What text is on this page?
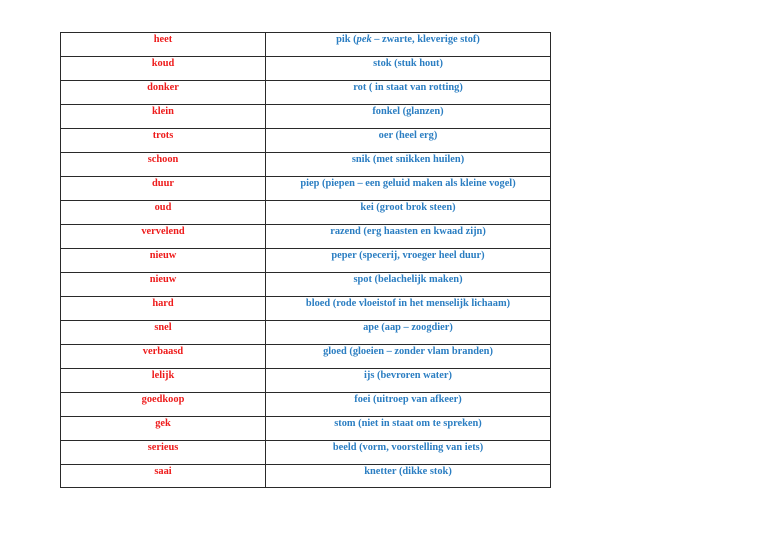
heet	pik (pek – zwarte, kleverige stof)
koud	stok (stuk hout)
donker	rot ( in staat van rotting)
klein	fonkel (glanzen)
trots	oer (heel erg)
schoon	snik (met snikken huilen)
duur	piep (piepen – een geluid maken als kleine vogel)
oud	kei (groot brok steen)
vervelend	razend (erg haasten en kwaad zijn)
nieuw	peper (specerij, vroeger heel duur)
nieuw	spot (belachelijk maken)
hard	bloed (rode vloeistof in het menselijk lichaam)
snel	ape (aap – zoogdier)
verbaasd	gloed (gloeien – zonder vlam branden)
lelijk	ijs (bevroren water)
goedkoop	foei (uitroep van afkeer)
gek	stom (niet in staat om te spreken)
serieus	beeld (vorm, voorstelling van iets)
saai	knetter (dikke stok)
